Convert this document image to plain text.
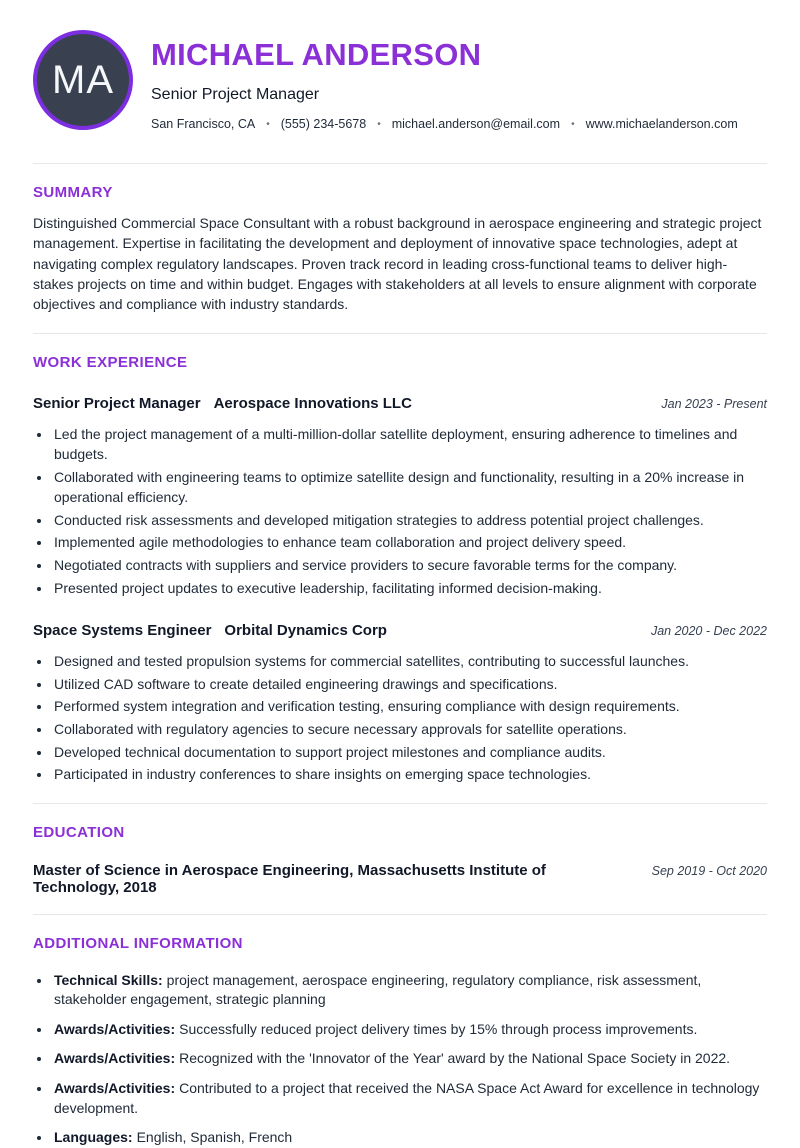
MA
MICHAEL ANDERSON
Senior Project Manager
San Francisco, CA • (555) 234-5678 • michael.anderson@email.com • www.michaelanderson.com
SUMMARY

Distinguished Commercial Space Consultant with a robust background in aerospace engineering and strategic project management. Expertise in facilitating the development and deployment of innovative space technologies, adept at navigating complex regulatory landscapes. Proven track record in leading cross-functional teams to deliver high-stakes projects on time and within budget. Engages with stakeholders at all levels to ensure alignment with corporate objectives and compliance with industry standards.

WORK EXPERIENCE
Senior Project Manager Aerospace Innovations LLC	Jan 2023 - Present
• Led the project management of a multi-million-dollar satellite deployment, ensuring adherence to timelines and budgets.
• Collaborated with engineering teams to optimize satellite design and functionality, resulting in a 20% increase in operational efficiency.
• Conducted risk assessments and developed mitigation strategies to address potential project challenges.
• Implemented agile methodologies to enhance team collaboration and project delivery speed.
• Negotiated contracts with suppliers and service providers to secure favorable terms for the company.
• Presented project updates to executive leadership, facilitating informed decision-making.
Space Systems Engineer Orbital Dynamics Corp	Jan 2020 - Dec 2022
• Designed and tested propulsion systems for commercial satellites, contributing to successful launches.
• Utilized CAD software to create detailed engineering drawings and specifications.
• Performed system integration and verification testing, ensuring compliance with design requirements.
• Collaborated with regulatory agencies to secure necessary approvals for satellite operations.
• Developed technical documentation to support project milestones and compliance audits.
• Participated in industry conferences to share insights on emerging space technologies.
EDUCATION
Master of Science in Aerospace Engineering, Massachusetts Institute of Technology, 2018
Sep 2019 - Oct 2020
ADDITIONAL INFORMATION
• Technical Skills: project management, aerospace engineering, regulatory compliance, risk assessment, stakeholder engagement, strategic planning
• Awards/Activities: Successfully reduced project delivery times by 15% through process improvements.
• Awards/Activities: Recognized with the 'Innovator of the Year' award by the National Space Society in 2022.
• Awards/Activities: Contributed to a project that received the NASA Space Act Award for excellence in technology development.
• Languages: English, Spanish, French
